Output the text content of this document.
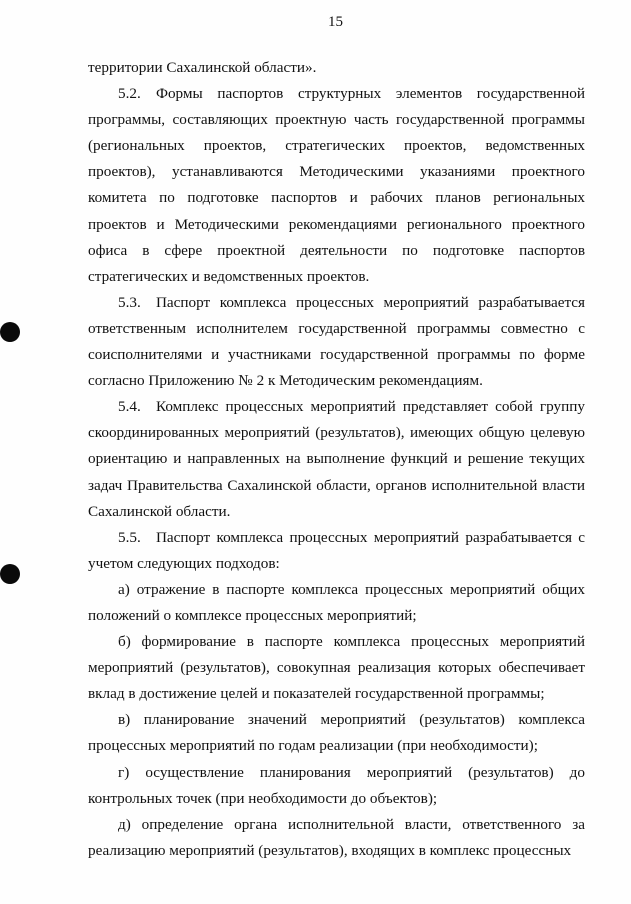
15

территории Сахалинской области».

5.2. Формы паспортов структурных элементов государственной программы, составляющих проектную часть государственной программы (региональных проектов, стратегических проектов, ведомственных проектов), устанавливаются Методическими указаниями проектного комитета по подготовке паспортов и рабочих планов региональных проектов и Методическими рекомендациями регионального проектного офиса в сфере проектной деятельности по подготовке паспортов стратегических и ведомственных проектов.

5.3. Паспорт комплекса процессных мероприятий разрабатывается ответственным исполнителем государственной программы совместно с соисполнителями и участниками государственной программы по форме согласно Приложению № 2 к Методическим рекомендациям.

5.4. Комплекс процессных мероприятий представляет собой группу скоординированных мероприятий (результатов), имеющих общую целевую ориентацию и направленных на выполнение функций и решение текущих задач Правительства Сахалинской области, органов исполнительной власти Сахалинской области.

5.5. Паспорт комплекса процессных мероприятий разрабатывается с учетом следующих подходов:

а) отражение в паспорте комплекса процессных мероприятий общих положений о комплексе процессных мероприятий;

б) формирование в паспорте комплекса процессных мероприятий мероприятий (результатов), совокупная реализация которых обеспечивает вклад в достижение целей и показателей государственной программы;

в) планирование значений мероприятий (результатов) комплекса процессных мероприятий по годам реализации (при необходимости);

г) осуществление планирования мероприятий (результатов) до контрольных точек (при необходимости до объектов);

д) определение органа исполнительной власти, ответственного за реализацию мероприятий (результатов), входящих в комплекс процессных
